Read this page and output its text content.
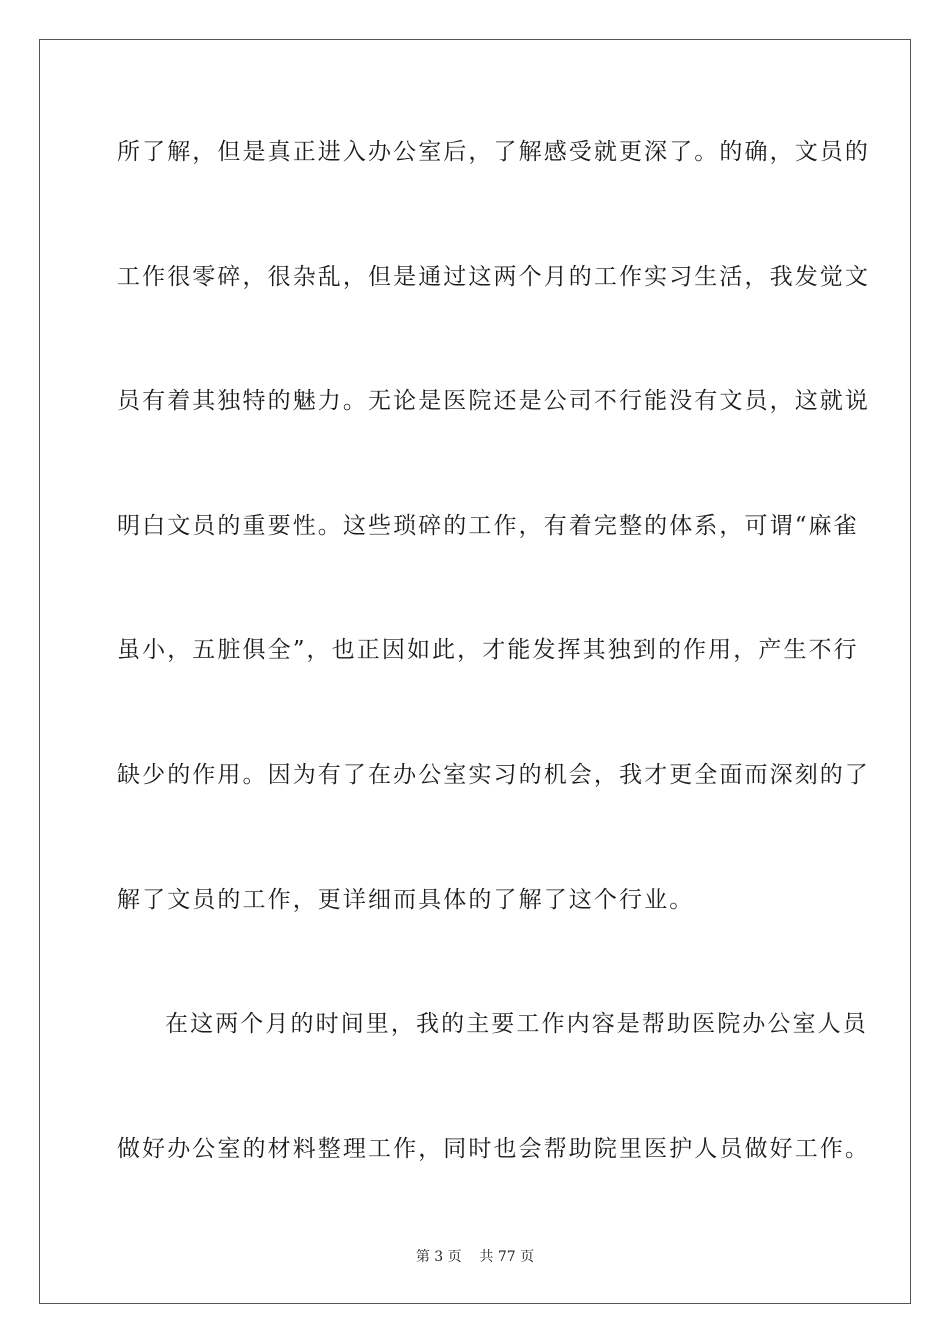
所了解，但是真正进入办公室后，了解感受就更深了。的确，文员的
工作很零碎，很杂乱，但是通过这两个月的工作实习生活，我发觉文
员有着其独特的魅力。无论是医院还是公司不行能没有文员，这就说
明白文员的重要性。这些琐碎的工作，有着完整的体系，可谓“麻雀
虽小，五脏俱全”，也正因如此，才能发挥其独到的作用，产生不行
缺少的作用。因为有了在办公室实习的机会，我才更全面而深刻的了
解了文员的工作，更详细而具体的了解了这个行业。
在这两个月的时间里，我的主要工作内容是帮助医院办公室人员
做好办公室的材料整理工作，同时也会帮助院里医护人员做好工作。
第 3 页    共 77 页
